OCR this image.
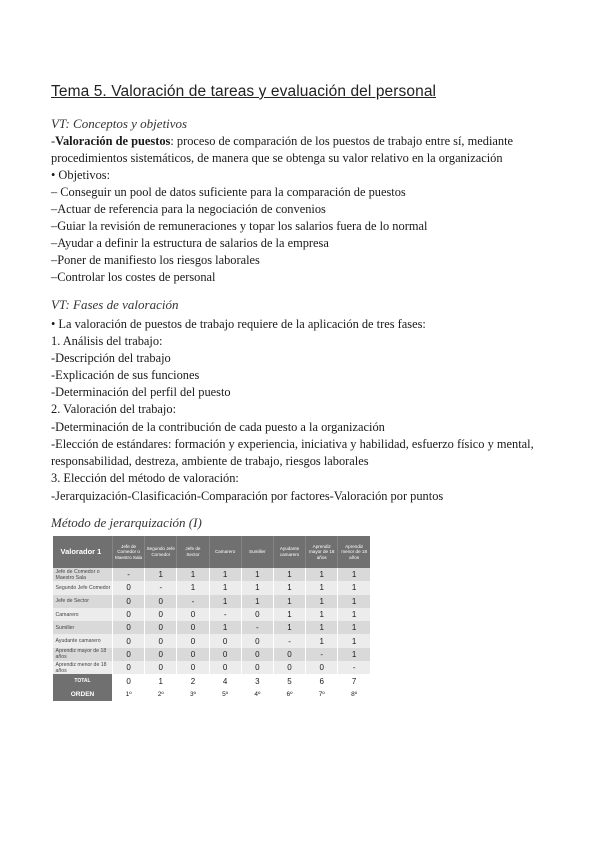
Tema 5. Valoración de tareas y evaluación del personal
VT: Conceptos y objetivos
-Valoración de puestos: proceso de comparación de los puestos de trabajo entre sí, mediante
procedimientos sistemáticos, de manera que se obtenga su valor relativo en la organización
• Objetivos:
– Conseguir un pool de datos suficiente para la comparación de puestos
–Actuar de referencia para la negociación de convenios
–Guiar la revisión de remuneraciones y topar los salarios fuera de lo normal
–Ayudar a definir la estructura de salarios de la empresa
–Poner de manifiesto los riesgos laborales
–Controlar los costes de personal
VT: Fases de valoración
• La valoración de puestos de trabajo requiere de la aplicación de tres fases:
1. Análisis del trabajo:
-Descripción del trabajo
-Explicación de sus funciones
-Determinación del perfil del puesto
2. Valoración del trabajo:
-Determinación de la contribución de cada puesto a la organización
-Elección de estándares: formación y experiencia, iniciativa y habilidad, esfuerzo físico y mental,
responsabilidad, destreza, ambiente de trabajo, riesgos laborales
3. Elección del método de valoración:
-Jerarquización-Clasificación-Comparación por factores-Valoración por puntos
Método de jerarquización (I)
Valorador 1	Jefe de Comedor o Maestro Sala	Segundo Jefe Comedor	Jefe de Sector	Camarero	Sumiller	Ayudante camarero	Aprendiz mayor de 18 años	Aprendiz menor de 18 años
Jefe de Comedor o Maestro Sala	-	1	1	1	1	1	1	1
Segundo Jefe Comedor	0	-	1	1	1	1	1	1
Jefe de Sector	0	0	-	1	1	1	1	1
Camarero	0	0	0	-	0	1	1	1
Sumiller	0	0	0	1	-	1	1	1
Ayudante camarero	0	0	0	0	0	-	1	1
Aprendiz mayor de 18 años	0	0	0	0	0	0	-	1
Aprendiz menor de 18 años	0	0	0	0	0	0	0	-
TOTAL	0	1	2	4	3	5	6	7
ORDEN	1º	2º	3º	5º	4º	6º	7º	8º
